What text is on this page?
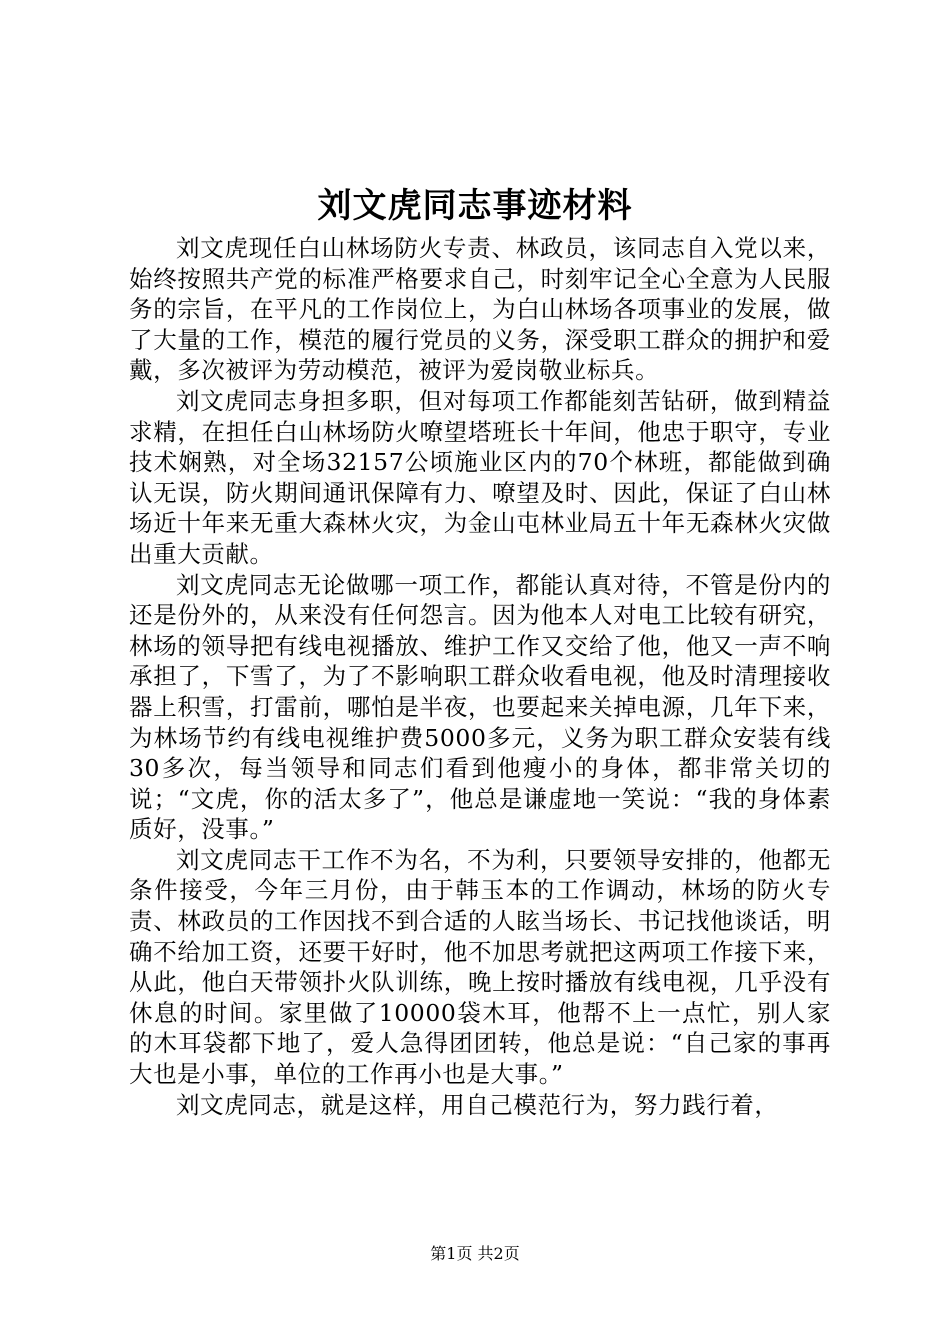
刘文虎同志事迹材料

刘文虎现任白山林场防火专责、林政员，该同志自入党以来，始终按照共产党的标准严格要求自己，时刻牢记全心全意为人民服务的宗旨，在平凡的工作岗位上，为白山林场各项事业的发展，做了大量的工作，模范的履行党员的义务，深受职工群众的拥护和爱戴，多次被评为劳动模范，被评为爱岗敬业标兵。

刘文虎同志身担多职，但对每项工作都能刻苦钻研，做到精益求精，在担任白山林场防火嘹望塔班长十年间，他忠于职守，专业技术娴熟，对全场32157公顷施业区内的70个林班，都能做到确认无误，防火期间通讯保障有力、嘹望及时、因此，保证了白山林场近十年来无重大森林火灾，为金山屯林业局五十年无森林火灾做出重大贡献。

刘文虎同志无论做哪一项工作，都能认真对待，不管是份内的还是份外的，从来没有任何怨言。因为他本人对电工比较有研究，林场的领导把有线电视播放、维护工作又交给了他，他又一声不响承担了，下雪了，为了不影响职工群众收看电视，他及时清理接收器上积雪，打雷前，哪怕是半夜，也要起来关掉电源，几年下来，为林场节约有线电视维护费5000多元，义务为职工群众安装有线30多次，每当领导和同志们看到他瘦小的身体，都非常关切的说；“文虎，你的活太多了”，他总是谦虚地一笑说：“我的身体素质好，没事。”

刘文虎同志干工作不为名，不为利，只要领导安排的，他都无条件接受，今年三月份，由于韩玉本的工作调动，林场的防火专责、林政员的工作因找不到合适的人眩当场长、书记找他谈话，明确不给加工资，还要干好时，他不加思考就把这两项工作接下来，从此，他白天带领扑火队训练，晚上按时播放有线电视，几乎没有休息的时间。家里做了10000袋木耳，他帮不上一点忙，别人家的木耳袋都下地了，爱人急得团团转，他总是说：“自己家的事再大也是小事，单位的工作再小也是大事。”

刘文虎同志，就是这样，用自己模范行为，努力践行着，

第1页 共2页
